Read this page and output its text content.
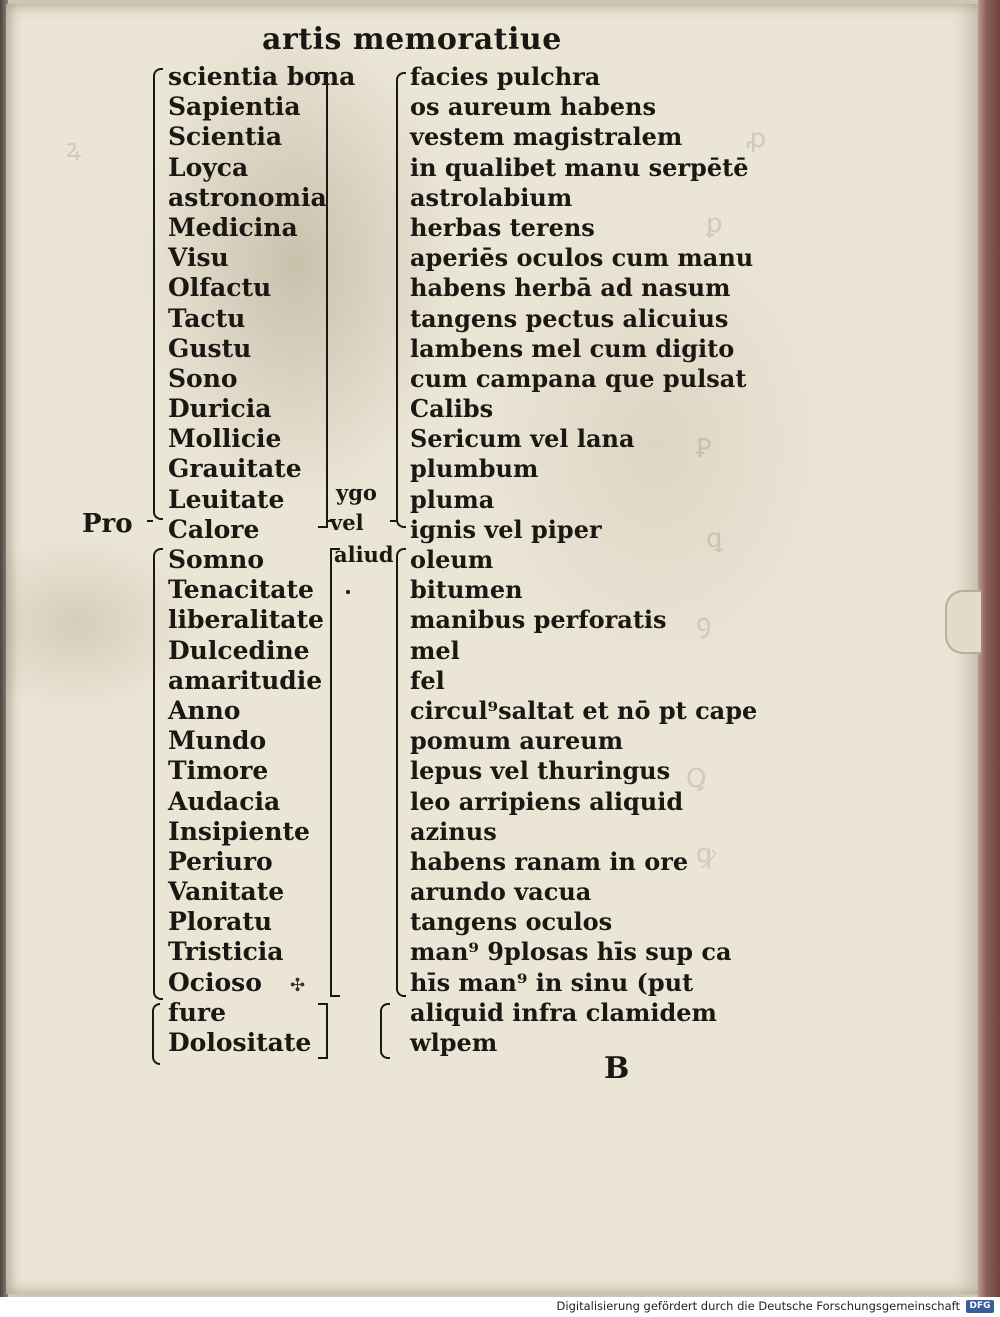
ꝓ
ꝑ
Ꝑ
ꝗ
ꝯ
Ꝗ
ꝙ
ꝝ
artis memoratiue
Pro
scientia bona
Sapientia
Scientia
Loyca
astronomia
Medicina
Visu
Olfactu
Tactu
Gustu
Sono
Duricia
Mollicie
Grauitate
Leuitate
Calore
Somno
Tenacitate
liberalitate
Dulcedine
amaritudie
Anno
Mundo
Timore
Audacia
Insipiente
Periuro
Vanitate
Ploratu
Tristicia
Ocioso
fure
Dolositate
ygo
vel
aliud
facies pulchra
os aureum habens
vestem magistralem
in qualibet manu serpētē
astrolabium
herbas terens
aperiēs oculos cum manu
habens herbā ad nasum
tangens pectus alicuius
lambens mel cum digito
cum campana que pulsat
Calibs
Sericum vel lana
plumbum
pluma
ignis vel piper
oleum
bitumen
manibus perforatis
mel
fel
circul⁹saltat et nō pt cape
pomum aureum
lepus vel thuringus
leo arripiens aliquid
azinus
habens ranam in ore
arundo vacua
tangens oculos
man⁹ 9plosas hīs sup ca
hīs man⁹ in sinu (put
aliquid infra clamidem
wlpem
✣
B
Digitalisierung gefördert durch die Deutsche Forschungsgemeinschaft	DFG
